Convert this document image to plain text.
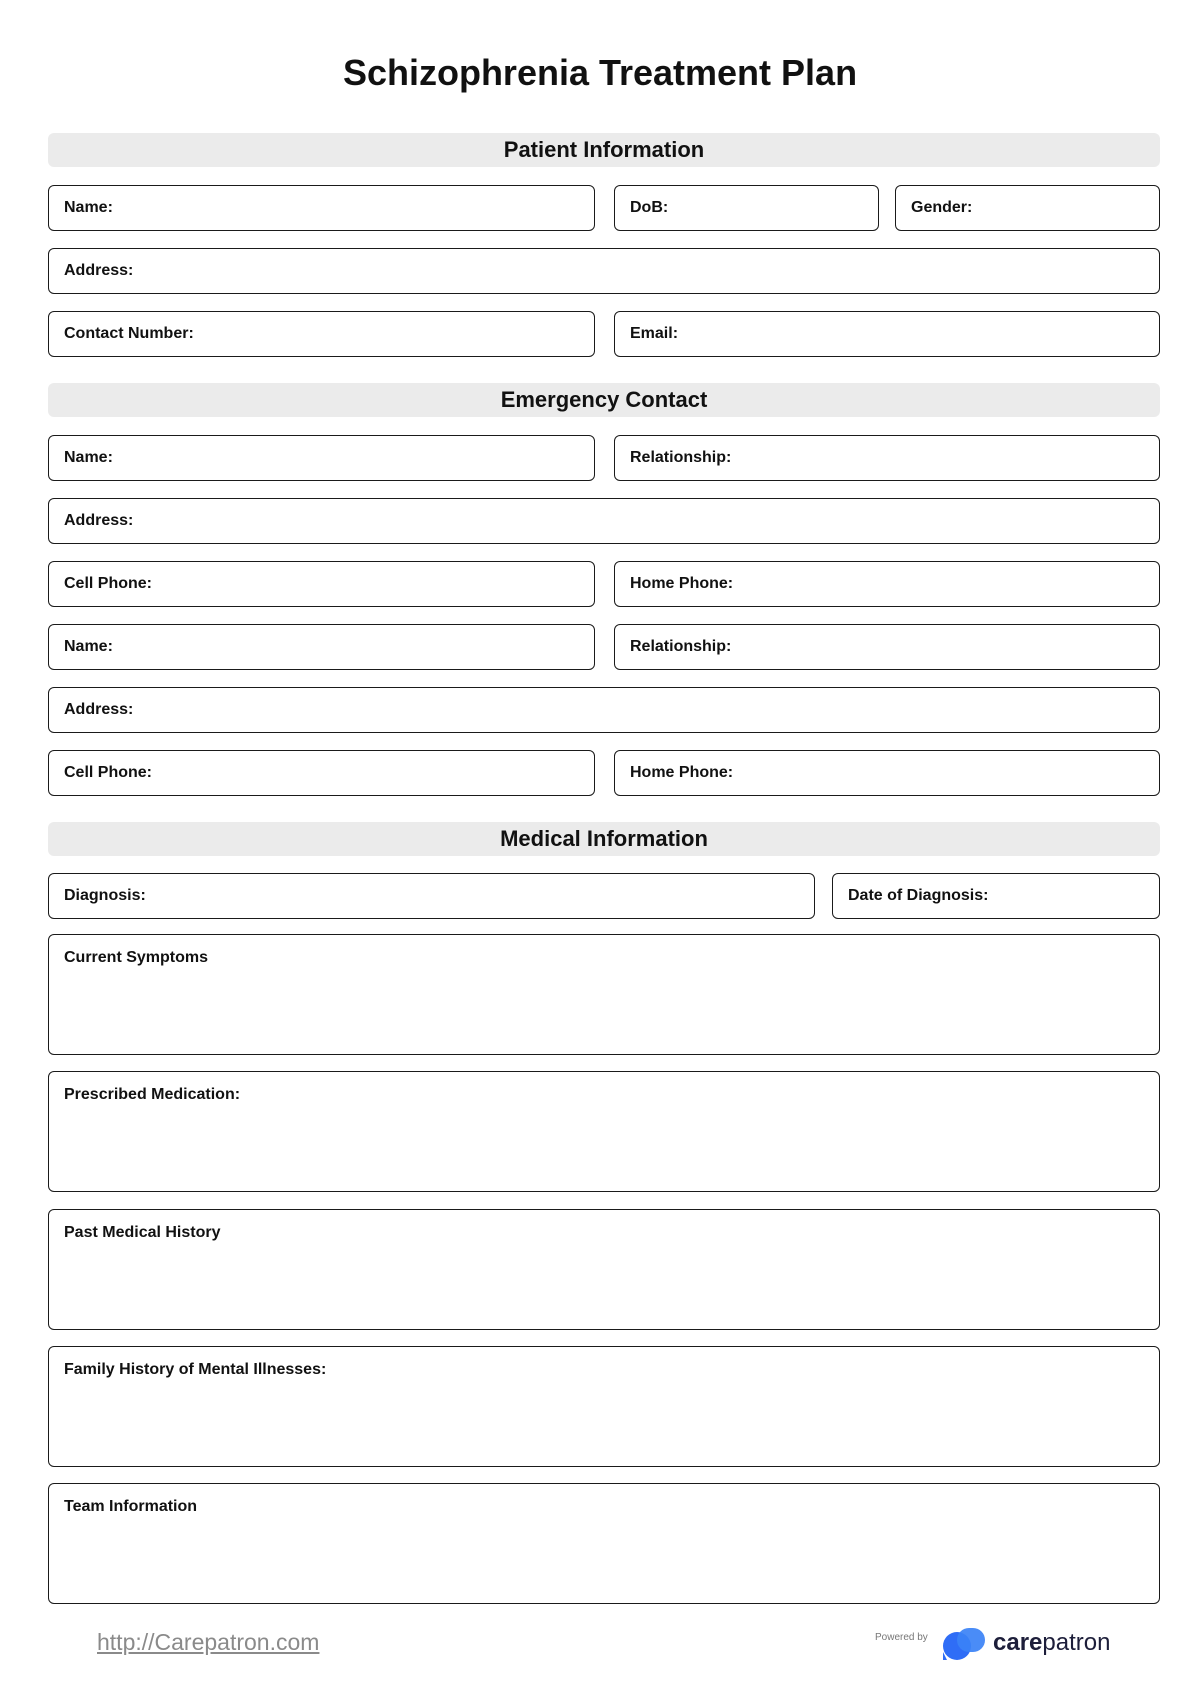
Schizophrenia Treatment Plan
Patient Information
Name:	DoB:	Gender:
Address:
Contact Number:	Email:
Emergency Contact
Name:	Relationship:
Address:
Cell Phone:	Home Phone:
Name:	Relationship:
Address:
Cell Phone:	Home Phone:
Medical Information
Diagnosis:	Date of Diagnosis:
Current Symptoms
Prescribed Medication:
Past Medical History
Family History of Mental Illnesses:
Team Information
http://Carepatron.com	Powered by	carepatron
